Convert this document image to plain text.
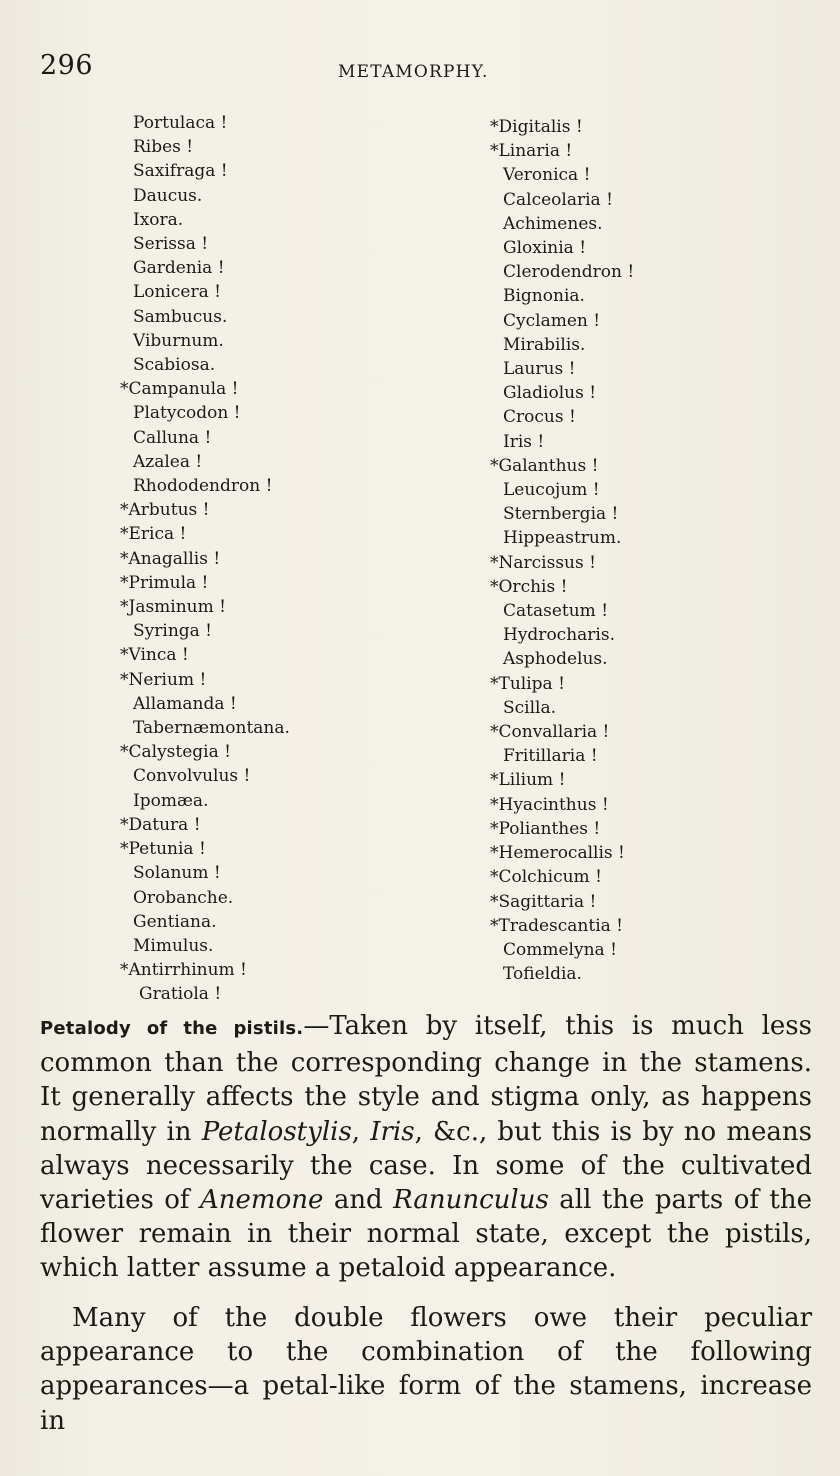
296	METAMORPHY.
Portulaca !
Ribes !
Saxifraga !
Daucus.
Ixora.
Serissa !
Gardenia !
Lonicera !
Sambucus.
Viburnum.
Scabiosa.
*Campanula !
Platycodon !
Calluna !
Azalea !
Rhododendron !
*Arbutus !
*Erica !
*Anagallis !
*Primula !
*Jasminum !
Syringa !
*Vinca !
*Nerium !
Allamanda !
Tabernæmontana.
*Calystegia !
Convolvulus !
Ipomæa.
*Datura !
*Petunia !
Solanum !
Orobanche.
Gentiana.
Mimulus.
*Antirrhinum !
Gratiola !
*Digitalis !
*Linaria !
Veronica !
Calceolaria !
Achimenes.
Gloxinia !
Clerodendron !
Bignonia.
Cyclamen !
Mirabilis.
Laurus !
Gladiolus !
Crocus !
Iris !
*Galanthus !
Leucojum !
Sternbergia !
Hippeastrum.
*Narcissus !
*Orchis !
Catasetum !
Hydrocharis.
Asphodelus.
*Tulipa !
Scilla.
*Convallaria !
Fritillaria !
*Lilium !
*Hyacinthus !
*Polianthes !
*Hemerocallis !
*Colchicum !
*Sagittaria !
*Tradescantia !
Commelyna !
Tofieldia.

Petalody of the pistils.—Taken by itself, this is much less common than the corresponding change in the stamens. It generally affects the style and stigma only, as happens normally in Petalostylis, Iris, &c., but this is by no means always necessarily the case. In some of the cultivated varieties of Anemone and Ranunculus all the parts of the flower remain in their normal state, except the pistils, which latter assume a petaloid appearance.

Many of the double flowers owe their peculiar appearance to the combination of the following appearances—a petal-like form of the stamens, increase in
